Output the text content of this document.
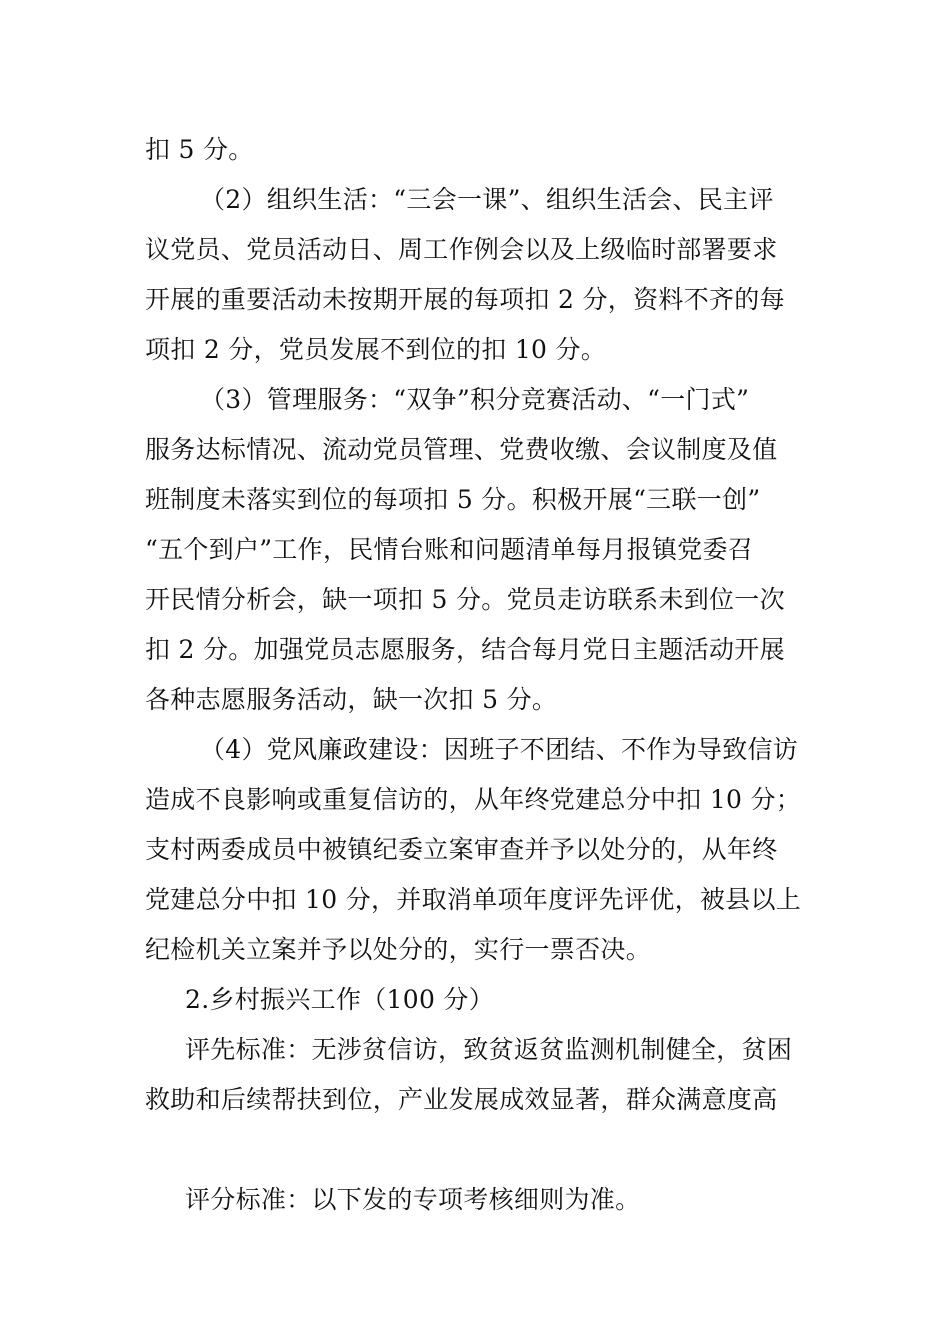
扣 5 分。
（2）组织生活：“三会一课”、组织生活会、民主评
议党员、党员活动日、周工作例会以及上级临时部署要求
开展的重要活动未按期开展的每项扣 2 分，资料不齐的每
项扣 2 分，党员发展不到位的扣 10 分。
（3）管理服务：“双争”积分竞赛活动、“一门式”
服务达标情况、流动党员管理、党费收缴、会议制度及值
班制度未落实到位的每项扣 5 分。积极开展“三联一创”
“五个到户”工作，民情台账和问题清单每月报镇党委召
开民情分析会，缺一项扣 5 分。党员走访联系未到位一次
扣 2 分。加强党员志愿服务，结合每月党日主题活动开展
各种志愿服务活动，缺一次扣 5 分。
（4）党风廉政建设：因班子不团结、不作为导致信访
造成不良影响或重复信访的，从年终党建总分中扣 10 分；
支村两委成员中被镇纪委立案审查并予以处分的，从年终
党建总分中扣 10 分，并取消单项年度评先评优，被县以上
纪检机关立案并予以处分的，实行一票否决。
2.乡村振兴工作（100 分）
评先标准：无涉贫信访，致贫返贫监测机制健全，贫困
救助和后续帮扶到位，产业发展成效显著，群众满意度高
评分标准：以下发的专项考核细则为准。
